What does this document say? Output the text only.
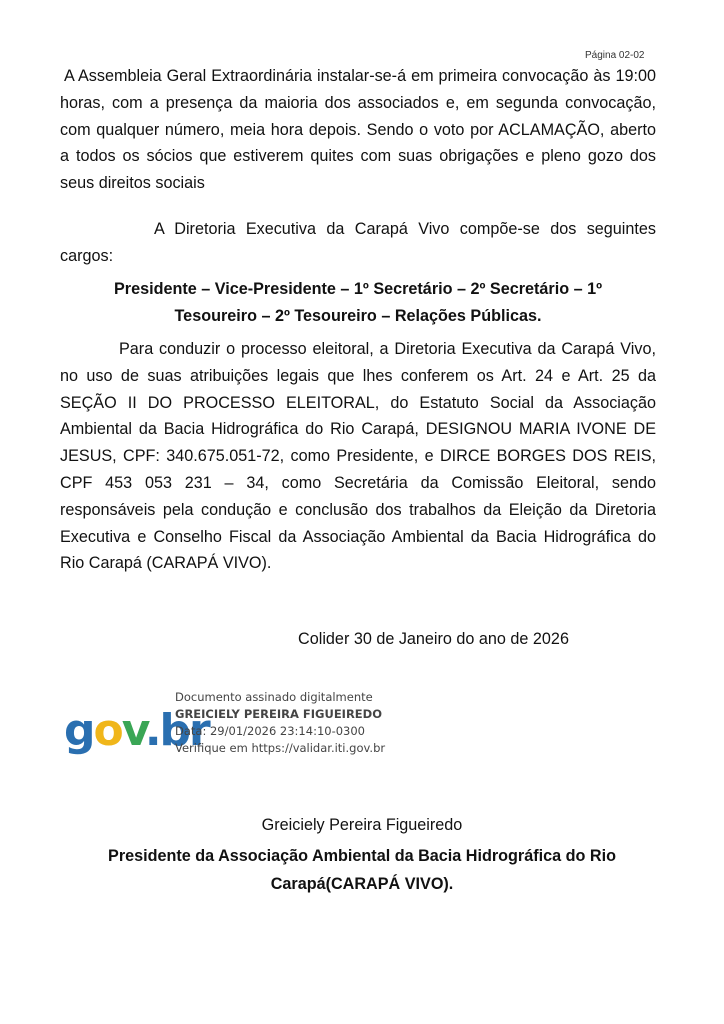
Página 02-02

A Assembleia Geral Extraordinária instalar-se-á em primeira convocação às 19:00 horas, com a presença da maioria dos associados e, em segunda convocação, com qualquer número, meia hora depois. Sendo o voto por ACLAMAÇÃO, aberto a todos os sócios que estiverem quites com suas obrigações e pleno gozo dos seus direitos sociais

A Diretoria Executiva da Carapá Vivo compõe-se dos seguintes cargos:

Presidente – Vice-Presidente – 1º Secretário – 2º Secretário – 1º Tesoureiro – 2º Tesoureiro – Relações Públicas.

Para conduzir o processo eleitoral, a Diretoria Executiva da Carapá Vivo, no uso de suas atribuições legais que lhes conferem os Art. 24 e Art. 25 da SEÇÃO II DO PROCESSO ELEITORAL, do Estatuto Social da Associação Ambiental da Bacia Hidrográfica do Rio Carapá, DESIGNOU MARIA IVONE DE JESUS, CPF: 340.675.051-72, como Presidente, e DIRCE BORGES DOS REIS, CPF 453 053 231 – 34, como Secretária da Comissão Eleitoral, sendo responsáveis pela condução e conclusão dos trabalhos da Eleição da Diretoria Executiva e Conselho Fiscal da Associação Ambiental da Bacia Hidrográfica do Rio Carapá (CARAPÁ VIVO).

Colider 30 de Janeiro do ano de 2026
gov.br
Documento assinado digitalmente
GREICIELY PEREIRA FIGUEIREDO
Data: 29/01/2026 23:14:10-0300
Verifique em https://validar.iti.gov.br
Greiciely Pereira Figueiredo
Presidente da Associação Ambiental da Bacia Hidrográfica do Rio Carapá(CARAPÁ VIVO).
